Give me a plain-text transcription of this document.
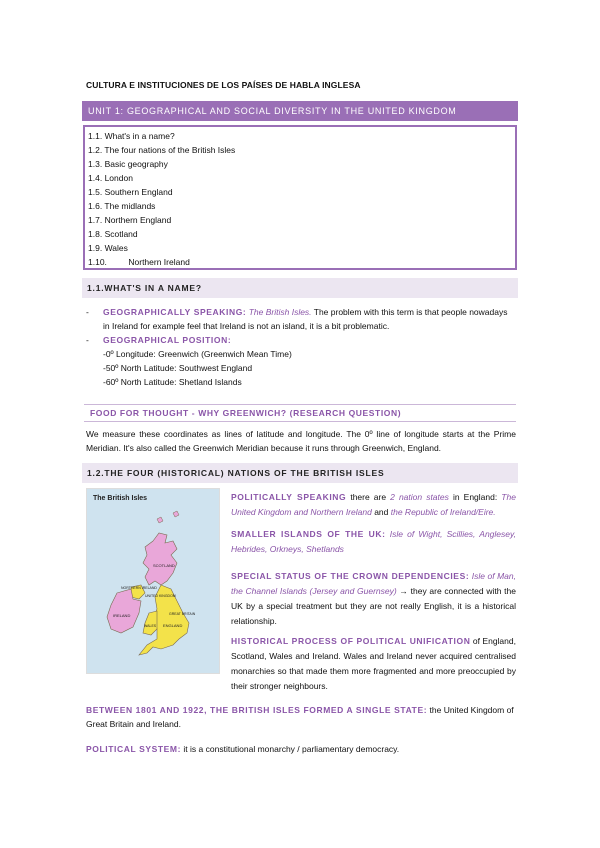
CULTURA E INSTITUCIONES DE LOS PAÍSES DE HABLA INGLESA
UNIT 1: GEOGRAPHICAL AND SOCIAL DIVERSITY IN THE UNITED KINGDOM
1.1. What's in a name?
1.2. The four nations of the British Isles
1.3. Basic geography
1.4. London
1.5. Southern England
1.6. The midlands
1.7. Northern England
1.8. Scotland
1.9. Wales
1.10.	Northern Ireland
1.1.WHAT'S IN A NAME?
- GEOGRAPHICALLY SPEAKING: The British Isles. The problem with this term is that people nowadays
in Ireland for example feel that Ireland is not an island, it is a bit problematic.
- GEOGRAPHICAL POSITION:
-0º Longitude: Greenwich (Greenwich Mean Time)
-50º North Latitude: Southwest England
-60º North Latitude: Shetland Islands
FOOD FOR THOUGHT - WHY GREENWICH? (RESEARCH QUESTION)
We measure these coordinates as lines of latitude and longitude. The 0º line of longitude starts at the Prime Meridian. It's also called the Greenwich Meridian because it runs through Greenwich, England.
1.2.THE FOUR (HISTORICAL) NATIONS OF THE BRITISH ISLES
The British Isles
SCOTLAND
NORTHERN IRELAND
UNITED KINGDOM
IRELAND
ENGLAND
WALES
GREAT BRITAIN
POLITICALLY SPEAKING there are 2 nation states in England: The United Kingdom and Northern Ireland and the Republic of Ireland/Eire.
SMALLER ISLANDS OF THE UK: Isle of Wight, Scillies, Anglesey, Hebrides, Orkneys, Shetlands
SPECIAL STATUS OF THE CROWN DEPENDENCIES: Isle of Man, the Channel Islands (Jersey and Guernsey) → they are connected with the UK by a special treatment but they are not really English, it is a historical relationship.
HISTORICAL PROCESS OF POLITICAL UNIFICATION of England, Scotland, Wales and Ireland. Wales and Ireland never acquired centralised monarchies so that made them more fragmented and more preoccupied by their stronger neighbours.
BETWEEN 1801 AND 1922, THE BRITISH ISLES FORMED A SINGLE STATE: the United Kingdom of Great Britain and Ireland.
POLITICAL SYSTEM: it is a constitutional monarchy / parliamentary democracy.
